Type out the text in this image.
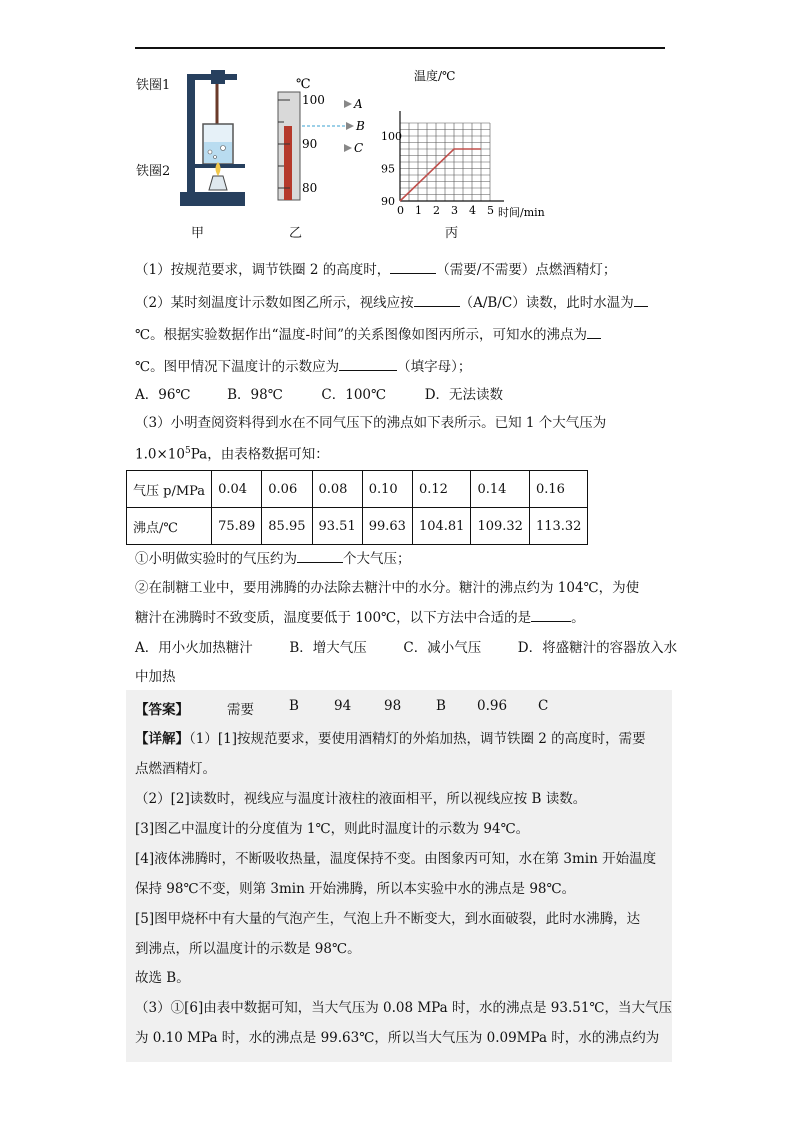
铁圈1
铁圈2
甲
℃
100
90
80
A
B
C
乙
0 1 2 3 4 5
90
95
100
温度/℃
时间/min
丙
（1）按规范要求，调节铁圈 2 的高度时，	（需要/不需要）点燃酒精灯；
（2）某时刻温度计示数如图乙所示，视线应按	（A/B/C）读数，此时水温为
℃。根据实验数据作出“温度-时间”的关系图像如图丙所示，可知水的沸点为
℃。图甲情况下温度计的示数应为	（填字母）；
A．96℃	B．98℃	C．100℃	D．无法读数
（3）小明查阅资料得到水在不同气压下的沸点如下表所示。已知 1 个大气压为
$1.0\times 10^5Pa$，由表格数据可知：
气压 p/MPa	0.04	0.06	0.08	0.10	0.12	0.14	0.16
沸点/℃	75.89	85.95	93.51	99.63	104.81	109.32	113.32
①小明做实验时的气压约为	个大气压；
②在制糖工业中，要用沸腾的办法除去糖汁中的水分。糖汁的沸点约为 104℃，为使
糖汁在沸腾时不致变质，温度要低于 100℃，以下方法中合适的是	。
A．用小火加热糖汁	B．增大气压	C．减小气压	D．将盛糖汁的容器放入水
中加热
【答案】	需要	B	94 98	B 0.96 C
【详解】（1）[1]按规范要求，要使用酒精灯的外焰加热，调节铁圈 2 的高度时，需要
点燃酒精灯。
（2）[2]读数时，视线应与温度计液柱的液面相平，所以视线应按 B 读数。
[3]图乙中温度计的分度值为 1℃，则此时温度计的示数为 94℃。
[4]液体沸腾时，不断吸收热量，温度保持不变。由图象丙可知，水在第 3min 开始温度
保持 98℃不变，则第 3min 开始沸腾，所以本实验中水的沸点是 98℃。
[5]图甲烧杯中有大量的气泡产生，气泡上升不断变大，到水面破裂，此时水沸腾，达
到沸点，所以温度计的示数是 98℃。
故选 B。
（3）①[6]由表中数据可知，当大气压为 0.08 MPa 时，水的沸点是 93.51℃，当大气压
为 0.10 MPa 时，水的沸点是 99.63℃，所以当大气压为 0.09MPa 时，水的沸点约为
